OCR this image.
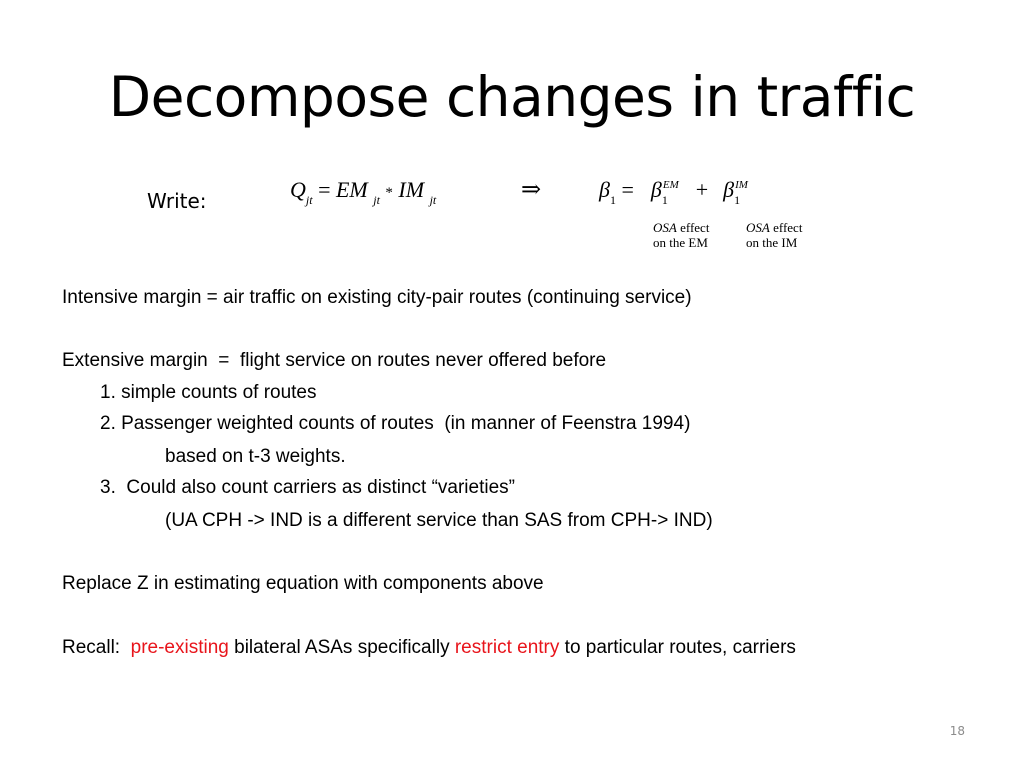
Decompose changes in traffic
Write:	$Q_{jt}$ = EM $_{jt}$ * IM $_{jt}$	⇒	$\beta_1 = \beta_1^{EM} + \beta_1^{IM}$
OSA effect
on the EM
OSA effect
on the IM
Intensive margin = air traffic on existing city-pair routes (continuing service)
Extensive margin  =  flight service on routes never offered before
1. simple counts of routes
2. Passenger weighted counts of routes  (in manner of Feenstra 1994)
based on t-3 weights.
3.  Could also count carriers as distinct “varieties”
(UA CPH -> IND is a different service than SAS from CPH-> IND)
Replace Z in estimating equation with components above
Recall:  pre-existing bilateral ASAs specifically restrict entry to particular routes, carriers
18
